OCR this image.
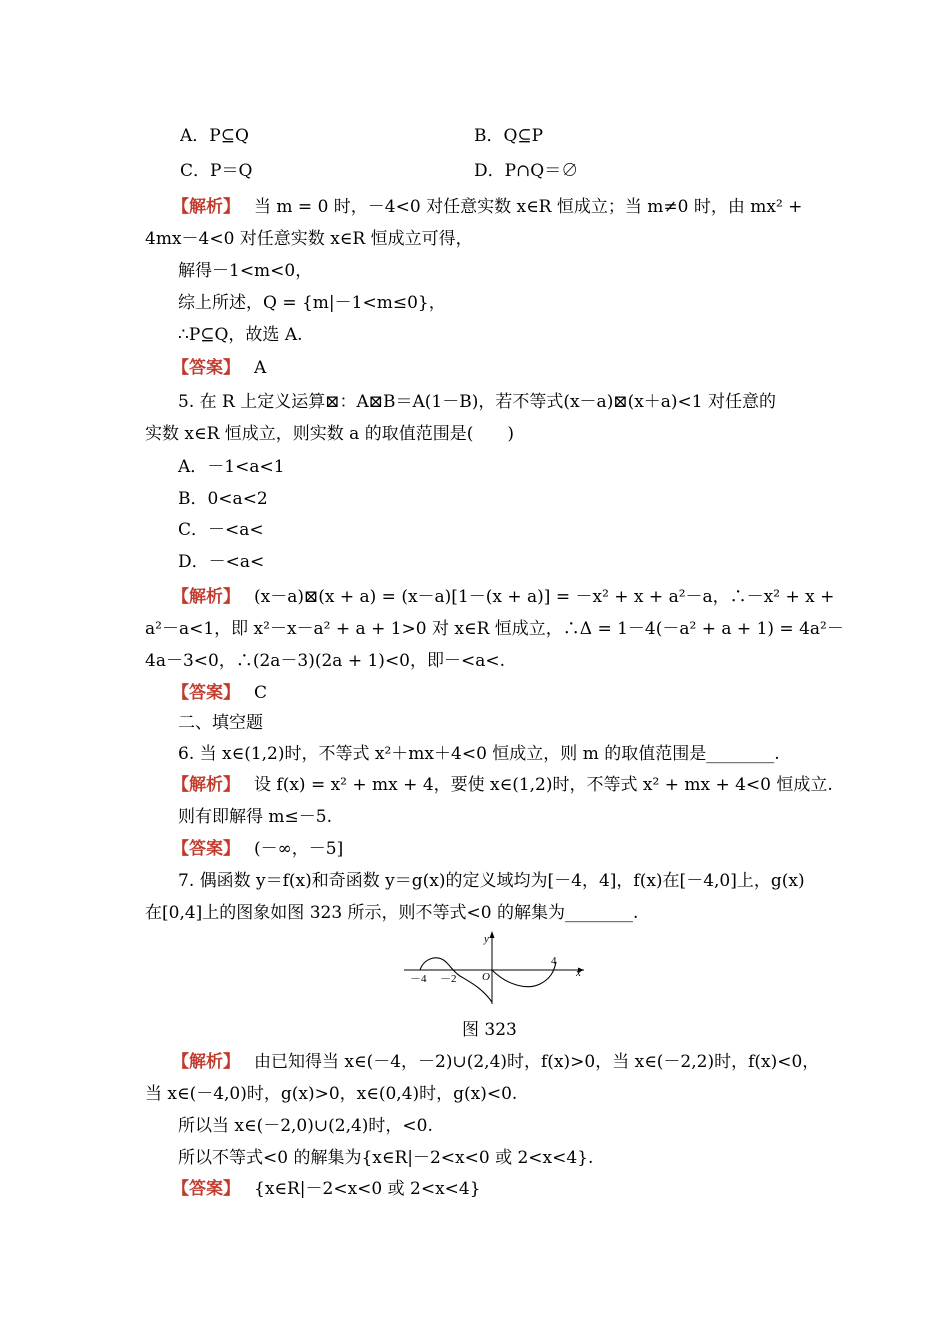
A．P⊆Q	B．Q⊆P
C．P＝Q	D．P∩Q＝∅
【解析】 当 m = 0 时，－4<0 对任意实数 x∈R 恒成立；当 m≠0 时，由 mx² +
4mx－4<0 对任意实数 x∈R 恒成立可得，
解得－1<m<0，
综上所述，Q = {m|－1<m≤0}，
∴P⊆Q，故选 A.
【答案】 A
5. 在 R 上定义运算⊠：A⊠B＝A(1－B)，若不等式(x－a)⊠(x＋a)<1 对任意的
实数 x∈R 恒成立，则实数 a 的取值范围是(　　)
A．－1<a<1
B．0<a<2
C．－<a<
D．－<a<
【解析】 (x－a)⊠(x + a) = (x－a)[1－(x + a)] = －x² + x + a²－a，∴－x² + x +
a²－a<1，即 x²－x－a² + a + 1>0 对 x∈R 恒成立，∴Δ = 1－4(－a² + a + 1) = 4a²－
4a－3<0，∴(2a－3)(2a + 1)<0，即－<a<.
【答案】 C
二、填空题
6. 当 x∈(1,2)时，不等式 x²＋mx＋4<0 恒成立，则 m 的取值范围是________.
【解析】 设 f(x) = x² + mx + 4，要使 x∈(1,2)时，不等式 x² + mx + 4<0 恒成立.
则有即解得 m≤－5.
【答案】 (－∞，－5]
7. 偶函数 y＝f(x)和奇函数 y＝g(x)的定义域均为[－4，4]，f(x)在[－4,0]上，g(x)
在[0,4]上的图象如图 323 所示，则不等式<0 的解集为________.
y
x
O
－4 －2
4
图 323
【解析】 由已知得当 x∈(－4，－2)∪(2,4)时，f(x)>0，当 x∈(－2,2)时，f(x)<0，
当 x∈(－4,0)时，g(x)>0，x∈(0,4)时，g(x)<0.
所以当 x∈(－2,0)∪(2,4)时，<0.
所以不等式<0 的解集为{x∈R|－2<x<0 或 2<x<4}.
【答案】 {x∈R|－2<x<0 或 2<x<4}
